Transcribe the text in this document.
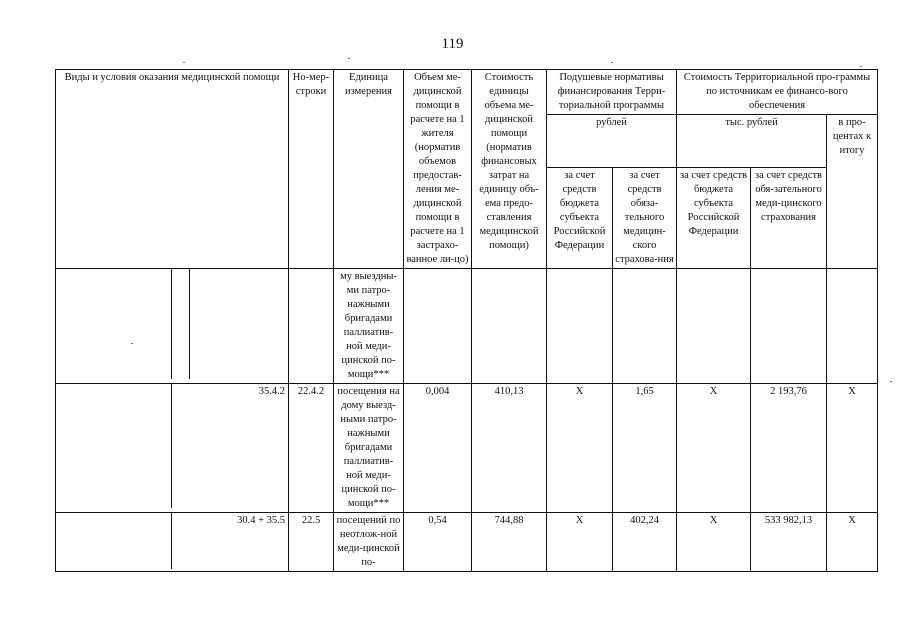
119
Виды и условия оказания медицинской помощи	Но-мер-строки	Единица измерения	Объем ме-дицинской помощи в расчете на 1 жителя (норматив объемов предостав-ления ме-дицинской помощи в расчете на 1 застрахо-ванное ли-цо)	Стоимость единицы объема ме-дицинской помощи (норматив финансовых затрат на единицу объ-ема предо-ставления медицинской помощи)	Подушевые нормативы финансирования Терри-ториальной программы		Стоимость Территориальной про-граммы по источникам ее финансо-вого обеспечения		
					рублей		тыс. рублей		в про-центах к итогу
					за счет средств бюджета субъекта Российской Федерации	за счет средств обяза-тельного медицин-ского страхова-ния	за счет средств бюджета субъекта Российской Федерации	за счет средств обя-зательного меди-цинского страхования	

		му выездны-ми патро-нажными бригадами паллиатив-ной меди-цинской по-мощи***							

35.4.2	22.4.2	посещения на дому выезд-ными патро-нажными бригадами паллиатив-ной меди-цинской по-мощи***	0,004	410,13	X	1,65	X	2 193,76	X

30.4 + 35.5	22.5	посещений по неотлож-ной меди-цинской по-	0,54	744,88	X	402,24	X	533 982,13	X
